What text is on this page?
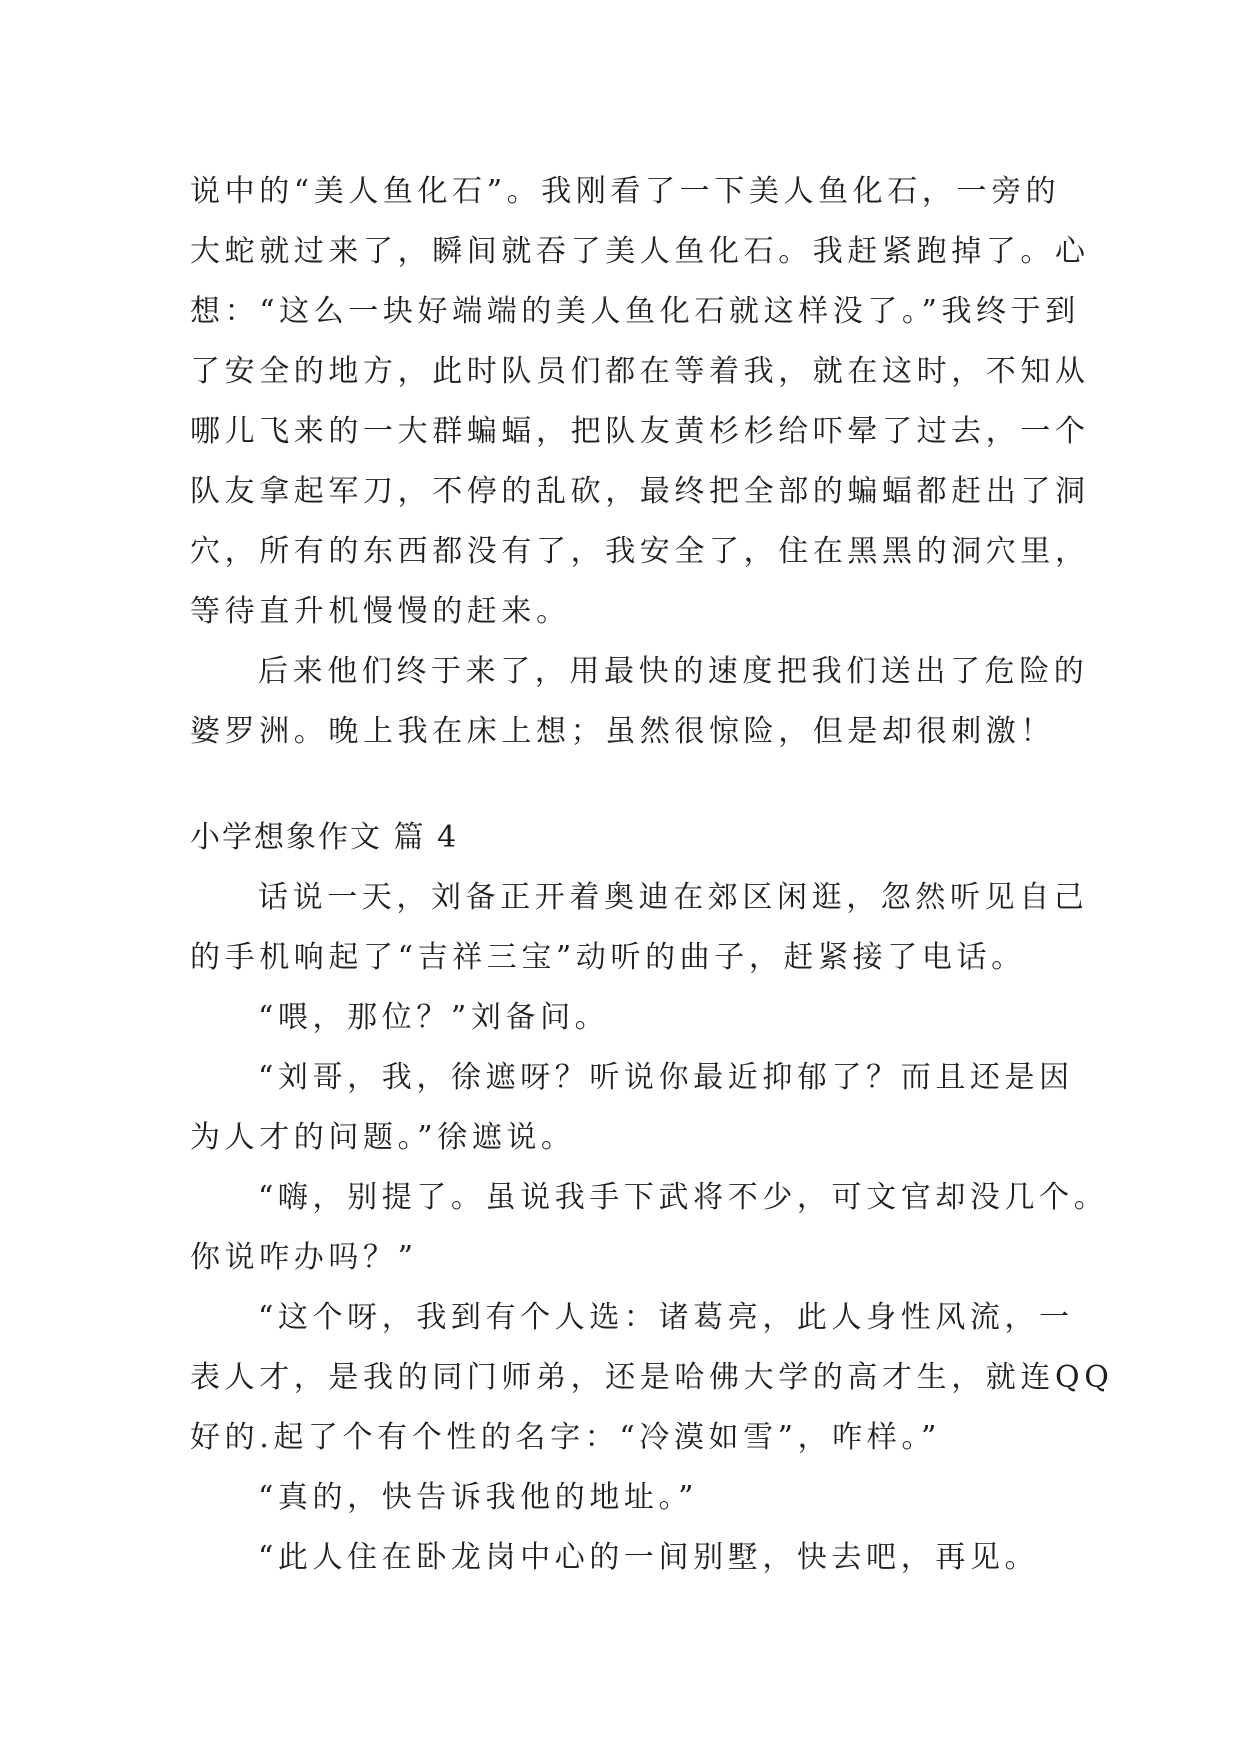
说中的“美人鱼化石”。我刚看了一下美人鱼化石，一旁的
大蛇就过来了，瞬间就吞了美人鱼化石。我赶紧跑掉了。心
想：“这么一块好端端的美人鱼化石就这样没了。”我终于到
了安全的地方，此时队员们都在等着我，就在这时，不知从
哪儿飞来的一大群蝙蝠，把队友黄杉杉给吓晕了过去，一个
队友拿起军刀，不停的乱砍，最终把全部的蝙蝠都赶出了洞
穴，所有的东西都没有了，我安全了，住在黑黑的洞穴里，
等待直升机慢慢的赶来。
后来他们终于来了，用最快的速度把我们送出了危险的
婆罗洲。晚上我在床上想；虽然很惊险，但是却很刺激！
小学想象作文 篇 4
话说一天，刘备正开着奥迪在郊区闲逛，忽然听见自己
的手机响起了“吉祥三宝”动听的曲子，赶紧接了电话。
“喂，那位？”刘备问。
“刘哥，我，徐遮呀？听说你最近抑郁了？而且还是因
为人才的问题。”徐遮说。
“嗨，别提了。虽说我手下武将不少，可文官却没几个。
你说咋办吗？”
“这个呀，我到有个人选：诸葛亮，此人身性风流，一
表人才，是我的同门师弟，还是哈佛大学的高才生，就连QQ
好的.起了个有个性的名字：“冷漠如雪”，咋样。”
“真的，快告诉我他的地址。”
“此人住在卧龙岗中心的一间别墅，快去吧，再见。
